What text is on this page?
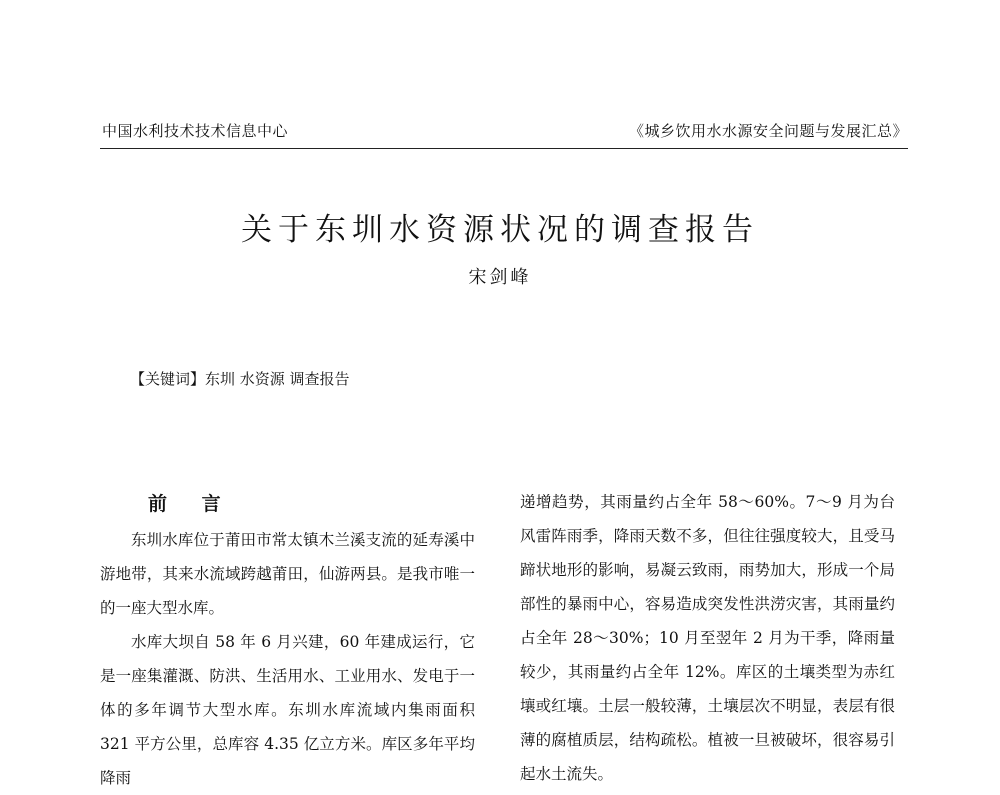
中国水利技术技术信息中心	《城乡饮用水水源安全问题与发展汇总》
关于东圳水资源状况的调查报告
宋剑峰
【关键词】东圳 水资源 调查报告
前 言

东圳水库位于莆田市常太镇木兰溪支流的延寿溪中游地带，其来水流域跨越莆田，仙游两县。是我市唯一的一座大型水库。

水库大坝自 58 年 6 月兴建，60 年建成运行，它是一座集灌溉、防洪、生活用水、工业用水、发电于一体的多年调节大型水库。东圳水库流域内集雨面积 321 平方公里，总库容 4.35 亿立方米。库区多年平均降雨

递增趋势，其雨量约占全年 58～60%。7～9 月为台风雷阵雨季，降雨天数不多，但往往强度较大，且受马蹄状地形的影响，易凝云致雨，雨势加大，形成一个局部性的暴雨中心，容易造成突发性洪涝灾害，其雨量约占全年 28～30%；10 月至翌年 2 月为干季，降雨量较少，其雨量约占全年 12%。库区的土壤类型为赤红壤或红壤。土层一般较薄，土壤层次不明显，表层有很薄的腐植质层，结构疏松。植被一旦被破坏，很容易引起水土流失。
